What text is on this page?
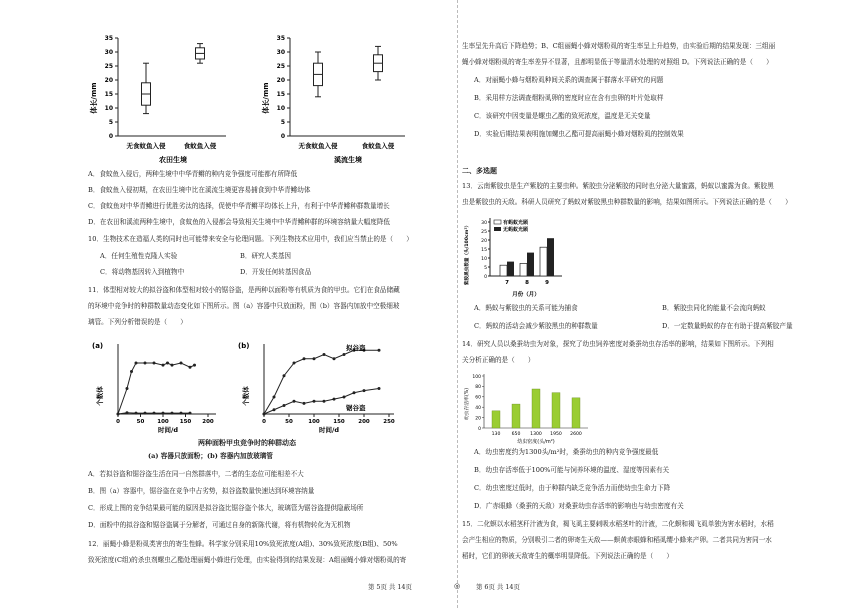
体长/mm
0
5
10
15
20
25
30
35
无食蚊鱼入侵	食蚊鱼入侵
农田生境
体长/mm
0
5
10
15
20
25
30
35
无食蚊鱼入侵	食蚊鱼入侵
溪流生境
A．食蚊鱼入侵后，两种生境中中华青鳉的种内竞争强度可能都有所降低
B．食蚊鱼入侵初期，在农田生境中比在溪流生境更容易捕食到中华青鳉幼体
C．食蚊鱼对中华青鳉进行优胜劣汰的选择，促使中华青鳉平均体长上升，有利于中华青鳉种群数量增长
D．在农田和溪流两种生境中，食蚊鱼的入侵都会导致相关生境中中华青鳉种群的环境容纳量大幅度降低
10．生物技术在造福人类的同时也可能带来安全与伦理问题。下列生物技术应用中，我们应当禁止的是（　　）
A．任何生殖性克隆人实验	B．研究人类基因
C．将动物基因转入到植物中	D．开发任何转基因食品
11．体型相对较大的拟谷盗和体型相对较小的锯谷盗，是两种以面粉等有机质为食的甲虫。它们在食品储藏
的环境中竞争时的种群数量动态变化如下图所示。图（a）容器中只放面粉，图（b）容器内加放中空极细玻
璃管。下列分析错误的是（　　）
(a)
个数体
0	50 100 150 200
时间/d
(b)
个数体
0	50	100 150 200 250
拟谷盗
锯谷盗
时间/d
两种面粉甲虫竞争时的种群动态
(a) 容器只放面粉；(b) 容器内加放玻璃管
A．若拟谷盗和锯谷盗生活在同一自然群落中，二者的生态位可能相差不大
B．图（a）容器中，锯谷盗在竞争中占劣势，拟谷盗数量快速达到环境容纳量
C．形成上图的竞争结果最可能的原因是拟谷盗比锯谷盗个体大，玻璃管为锯谷盗提供隐蔽场所
D．面粉中的拟谷盗和锯谷盗属于分解者，可通过自身的新陈代谢，将有机物转化为无机物
12．丽蝇小蜂是粉虱类害虫的寄生性蜂。科学家分别采用10%致死浓度(A组)、30%致死浓度(B组)、50%
致死浓度(C组)的杀虫剂螺虫乙酯处理丽蝇小蜂进行处理，由实验得到的结果发现：A组丽蝇小蜂对烟粉虱的寄
生率呈先升高后下降趋势；B、C组丽蝇小蜂对烟粉虱的寄生率呈上升趋势，由实验后期的结果发现：三组丽
蝇小蜂对烟粉虱的寄生率差异不显著，且都明显低于等量清水处理的对照组 D。下列说法正确的是（　　）
A．对丽蝇小蜂与烟粉虱种间关系的调查属于群落水平研究的问题
B．采用样方法调查烟粉虱卵的密度时应在含有虫卵的叶片处取样
C．该研究中因变量是螺虫乙酯的致死浓度，温度是无关变量
D．实验后期结果表明施加螺虫乙酯可提高丽蝇小蜂对烟粉虱的控制效果
二、多选题
13．云南紫胶虫是生产紫胶的主要虫种。紫胶虫分泌紫胶的同时也分泌大量蜜露，蚂蚁以蜜露为食。紫胶黑
虫是紫胶虫的天敌。科研人员研究了蚂蚁对紫胶黑虫种群数量的影响，结果如图所示。下列说法正确的是（　　）
紫胶黑虫数量（头/100cm²）	0
5
10
15
20
25
30
7	8	9
有蚂蚁光顾
无蚂蚁光顾
月份（月）
A．蚂蚁与紫胶虫的关系可能为捕食	B．紫胶虫同化的能量不会流向蚂蚁
C．蚂蚁的活动会减少紫胶黑虫的种群数量	D．一定数量蚂蚁的存在有助于提高紫胶产量
14．研究人员以桑蚕幼虫为对象，探究了幼虫饲养密度对桑蚕幼虫存活率的影响，结果如下图所示。下列相
关分析正确的是（　　）
幼虫存活率(%)
0
20
40
60
80
100
130 650 1300 1950 2600
幼虫密度(头/m²)
A．幼虫密度约为1300头/m²时，桑蚕幼虫的种内竞争强度最低
B．幼虫存活率低于100%可能与饲养环境的温度、湿度等因素有关
C．幼虫密度过低时，由于种群内缺乏竞争活力而使幼虫生命力下降
D．广赤眼蜂（桑蚕的天敌）对桑蚕幼虫存活率的影响也与幼虫密度有关
15．二化螟以水稻茎秆汁液为食，褐飞虱主要刺吸水稻茎叶的汁液，二化螟和褐飞虱单独为害水稻时，水稻
会产生相应的物质，分别吸引二者的卵寄生天敌——螟黄赤眼蜂和稻虱缨小蜂来产卵。二者共同为害同一水
稻时，它们的卵被天敌寄生的概率明显降低。下列说法正确的是（　　）
第 5页 共 14页	◎ 第 6页 共 14页
